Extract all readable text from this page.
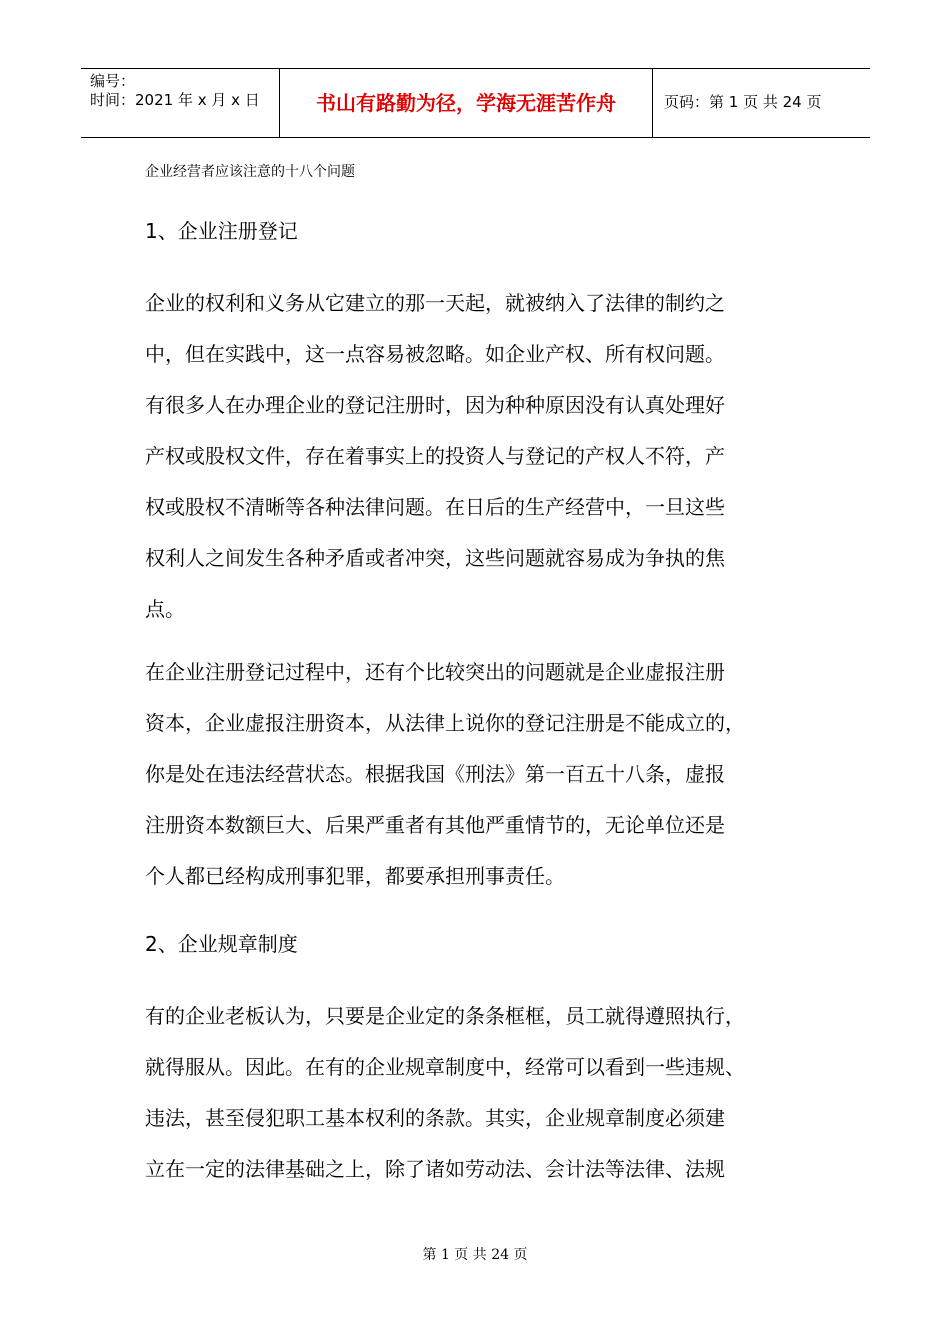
编号：
时间：2021 年 x 月 x 日	书山有路勤为径，学海无涯苦作舟	页码：第 1 页 共 24 页
企业经营者应该注意的十八个问题
1、企业注册登记
企业的权利和义务从它建立的那一天起，就被纳入了法律的制约之
中，但在实践中，这一点容易被忽略。如企业产权、所有权问题。
有很多人在办理企业的登记注册时，因为种种原因没有认真处理好
产权或股权文件，存在着事实上的投资人与登记的产权人不符，产
权或股权不清晰等各种法律问题。在日后的生产经营中，一旦这些
权利人之间发生各种矛盾或者冲突，这些问题就容易成为争执的焦
点。
在企业注册登记过程中，还有个比较突出的问题就是企业虚报注册
资本，企业虚报注册资本，从法律上说你的登记注册是不能成立的，
你是处在违法经营状态。根据我国《刑法》第一百五十八条，虚报
注册资本数额巨大、后果严重者有其他严重情节的，无论单位还是
个人都已经构成刑事犯罪，都要承担刑事责任。
2、企业规章制度
有的企业老板认为，只要是企业定的条条框框，员工就得遵照执行，
就得服从。因此。在有的企业规章制度中，经常可以看到一些违规、
违法，甚至侵犯职工基本权利的条款。其实，企业规章制度必须建
立在一定的法律基础之上，除了诸如劳动法、会计法等法律、法规
第 1 页 共 24 页
